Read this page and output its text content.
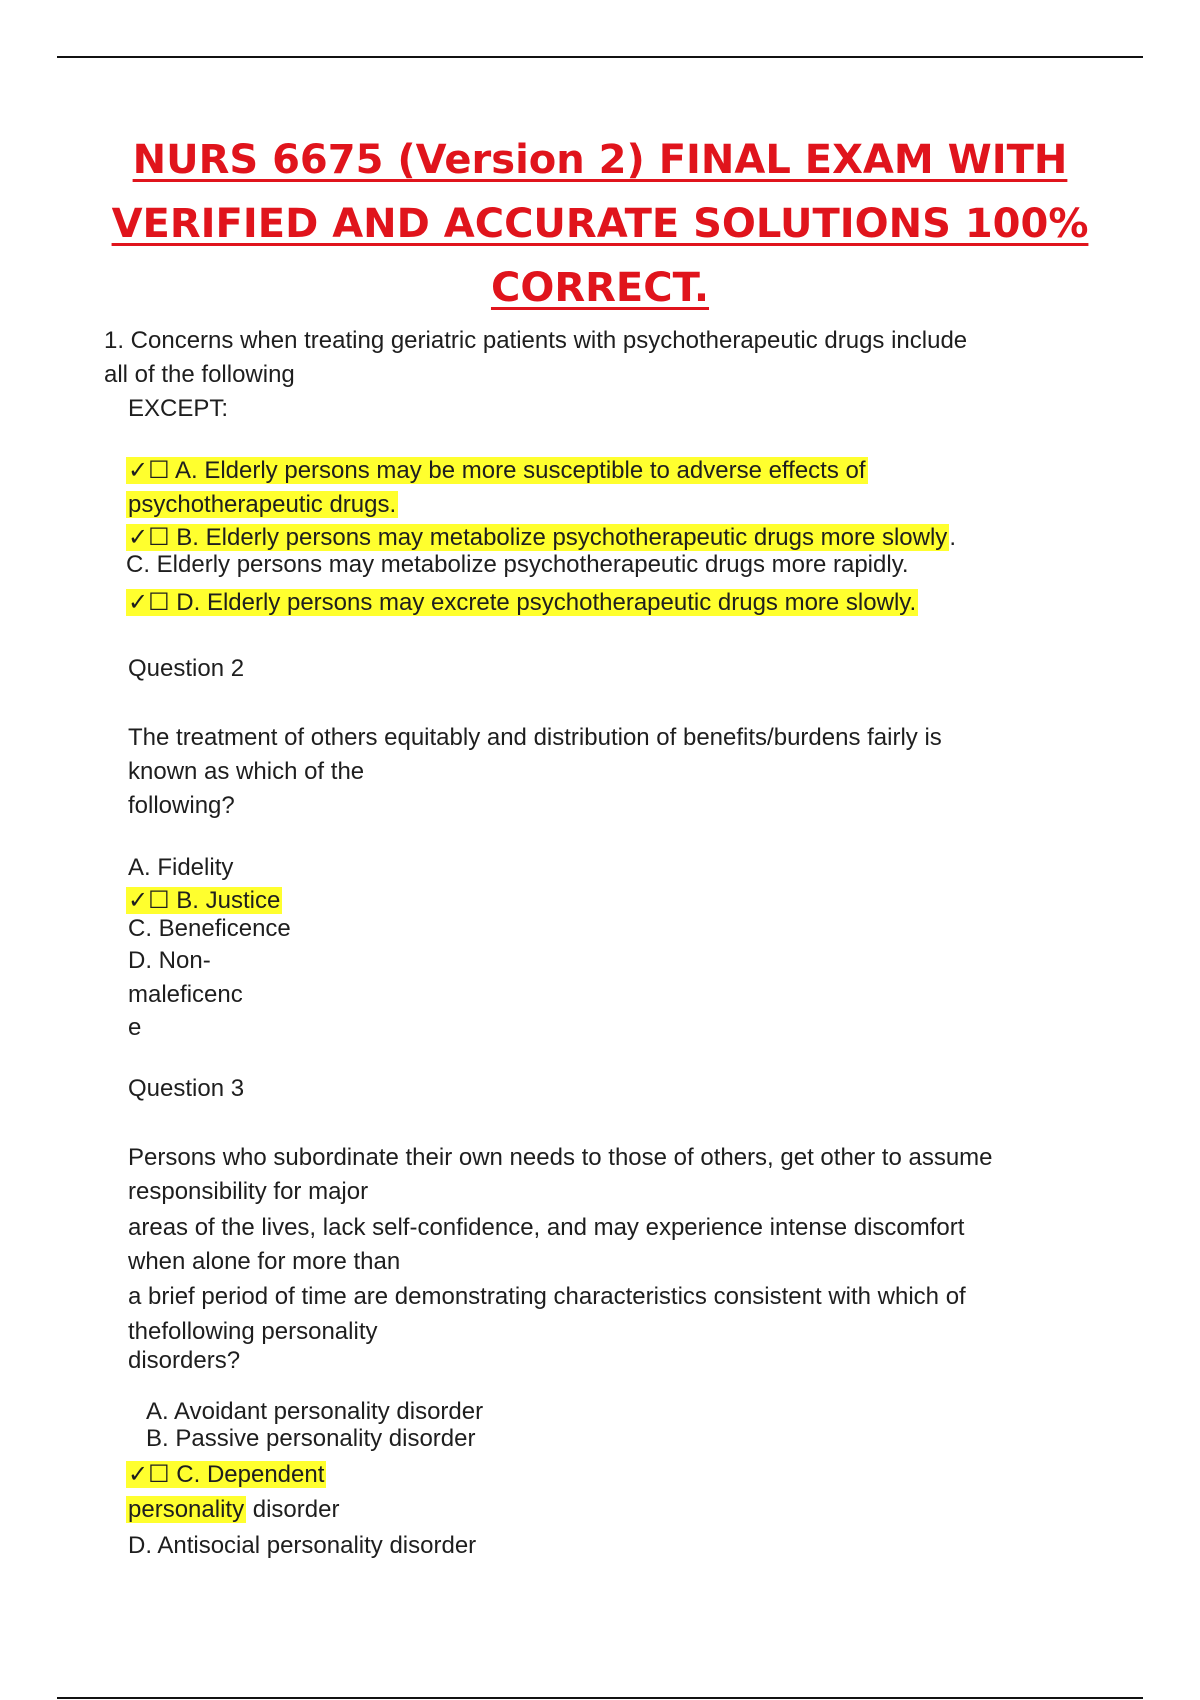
NURS 6675 (Version 2) FINAL EXAM WITH
VERIFIED AND ACCURATE SOLUTIONS 100%
CORRECT.

1. Concerns when treating geriatric patients with psychotherapeutic drugs include

all of the following

EXCEPT:

✓☐ A. Elderly persons may be more susceptible to adverse effects of

psychotherapeutic drugs.

✓☐ B. Elderly persons may metabolize psychotherapeutic drugs more slowly.

C. Elderly persons may metabolize psychotherapeutic drugs more rapidly.

✓☐ D. Elderly persons may excrete psychotherapeutic drugs more slowly.

Question 2

The treatment of others equitably and distribution of benefits/burdens fairly is

known as which of the

following?

A. Fidelity

✓☐ B. Justice

C. Beneficence

D. Non-

maleficenc

e

Question 3

Persons who subordinate their own needs to those of others, get other to assume

responsibility for major

areas of the lives, lack self-confidence, and may experience intense discomfort

when alone for more than

a brief period of time are demonstrating characteristics consistent with which of

thefollowing personality

disorders?

A. Avoidant personality disorder

B. Passive personality disorder

✓☐ C. Dependent

personality disorder

D. Antisocial personality disorder
